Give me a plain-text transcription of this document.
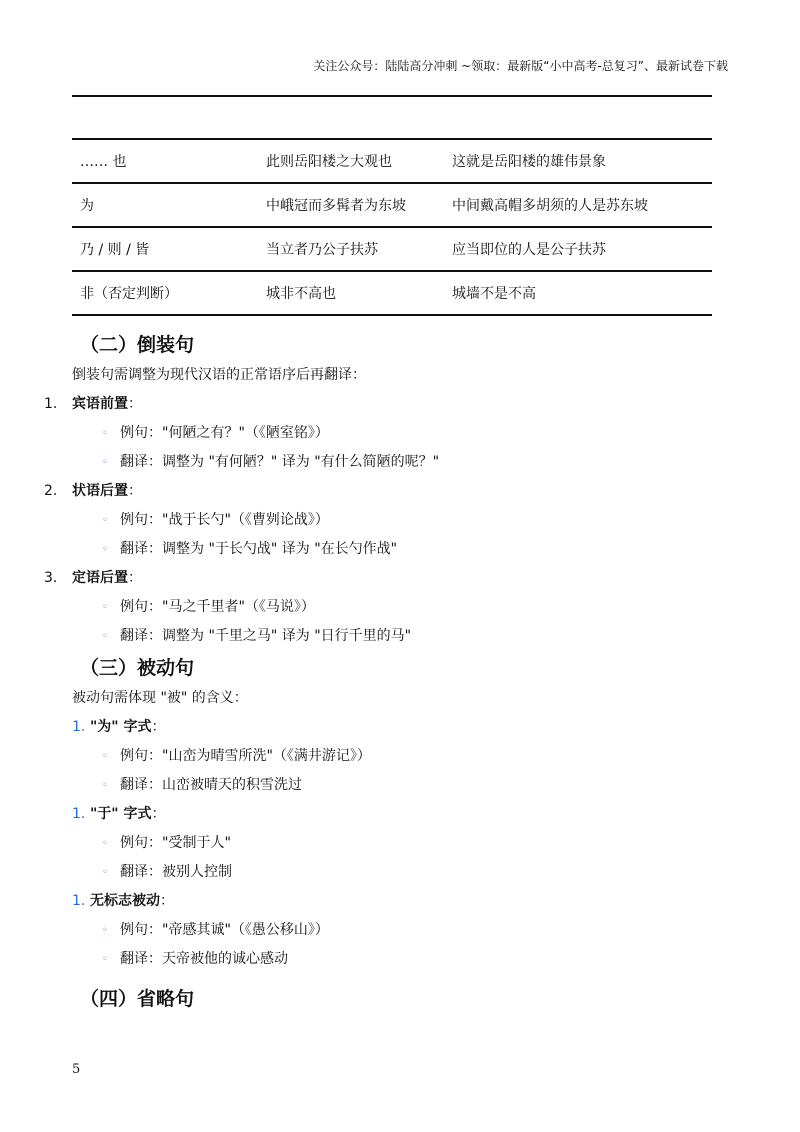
关注公众号：陆陆高分冲刺 ~领取：最新版“小中高考-总复习”、最新试卷下载
…… 也	此则岳阳楼之大观也	这就是岳阳楼的雄伟景象
为	中峨冠而多髯者为东坡	中间戴高帽多胡须的人是苏东坡
乃 / 则 / 皆	当立者乃公子扶苏	应当即位的人是公子扶苏
非（否定判断）	城非不高也	城墙不是不高
（二）倒装句
倒装句需调整为现代汉语的正常语序后再翻译：
1. 宾语前置：
◦ 例句："何陋之有？"（《陋室铭》）
◦ 翻译：调整为 "有何陋？" 译为 "有什么简陋的呢？"
2. 状语后置：
◦ 例句："战于长勺"（《曹刿论战》）
◦ 翻译：调整为 "于长勺战" 译为 "在长勺作战"
3. 定语后置：
◦ 例句："马之千里者"（《马说》）
◦ 翻译：调整为 "千里之马" 译为 "日行千里的马"
（三）被动句
被动句需体现 "被" 的含义：
1. "为" 字式：
◦ 例句："山峦为晴雪所洗"（《满井游记》）
◦ 翻译：山峦被晴天的积雪洗过
1. "于" 字式：
◦ 例句："受制于人"
◦ 翻译：被别人控制
1. 无标志被动：
◦ 例句："帝感其诚"（《愚公移山》）
◦ 翻译：天帝被他的诚心感动
（四）省略句
5
